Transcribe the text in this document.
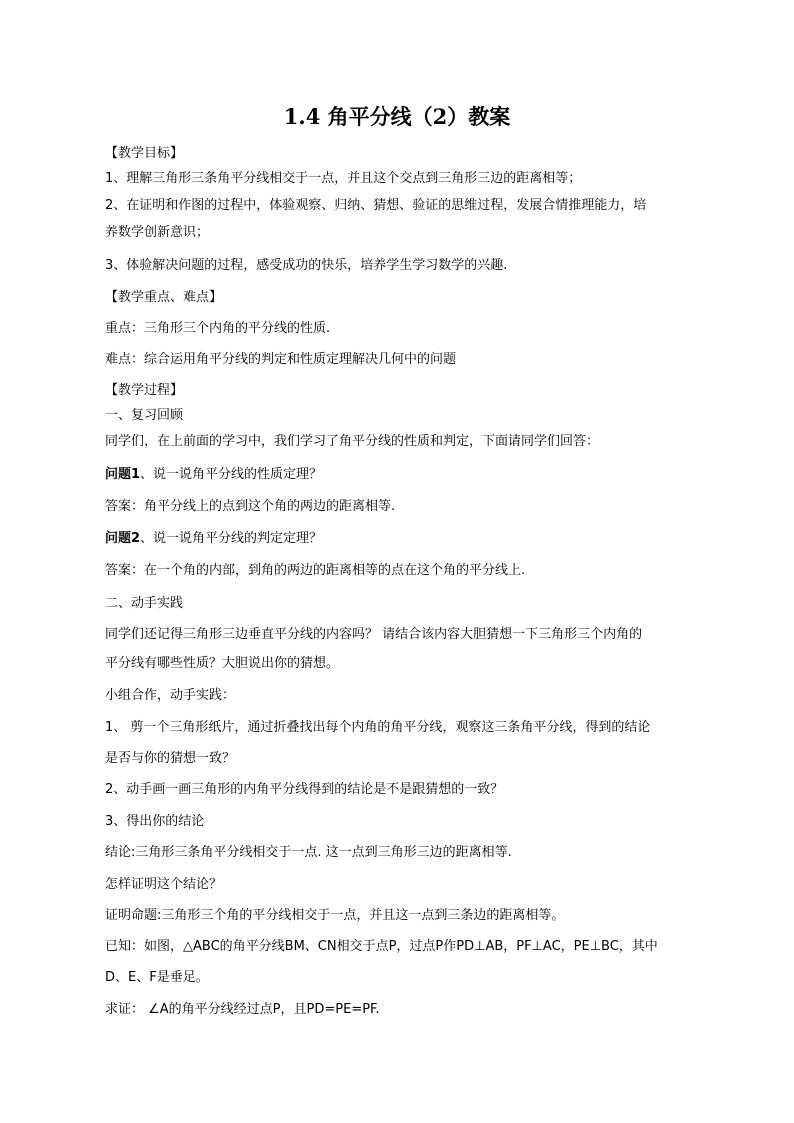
1.4 角平分线（2）教案
【教学目标】
1、理解三角形三条角平分线相交于一点，并且这个交点到三角形三边的距离相等；
2、在证明和作图的过程中，体验观察、归纳、猜想、验证的思维过程，发展合情推理能力，培
养数学创新意识；
3、体验解决问题的过程，感受成功的快乐，培养学生学习数学的兴趣.
【教学重点、难点】
重点：三角形三个内角的平分线的性质.
难点：综合运用角平分线的判定和性质定理解决几何中的问题
【教学过程】
一、复习回顾
同学们，在上前面的学习中，我们学习了角平分线的性质和判定，下面请同学们回答：
问题1、说一说角平分线的性质定理？
答案：角平分线上的点到这个角的两边的距离相等.
问题2、说一说角平分线的判定定理？
答案：在一个角的内部，到角的两边的距离相等的点在这个角的平分线上.
二、动手实践
同学们还记得三角形三边垂直平分线的内容吗？ 请结合该内容大胆猜想一下三角形三个内角的
平分线有哪些性质？大胆说出你的猜想。
小组合作，动手实践：
1、 剪一个三角形纸片，通过折叠找出每个内角的角平分线，观察这三条角平分线，得到的结论
是否与你的猜想一致？
2、动手画一画三角形的内角平分线得到的结论是不是跟猜想的一致？
3、得出你的结论
结论:三角形三条角平分线相交于一点. 这一点到三角形三边的距离相等.
怎样证明这个结论？
证明命题:三角形三个角的平分线相交于一点，并且这一点到三条边的距离相等。
已知：如图，△ABC的角平分线BM、CN相交于点P，过点P作PD⊥AB，PF⊥AC，PE⊥BC，其中
D、E、F是垂足。
求证： ∠A的角平分线经过点P，且PD=PE=PF.
